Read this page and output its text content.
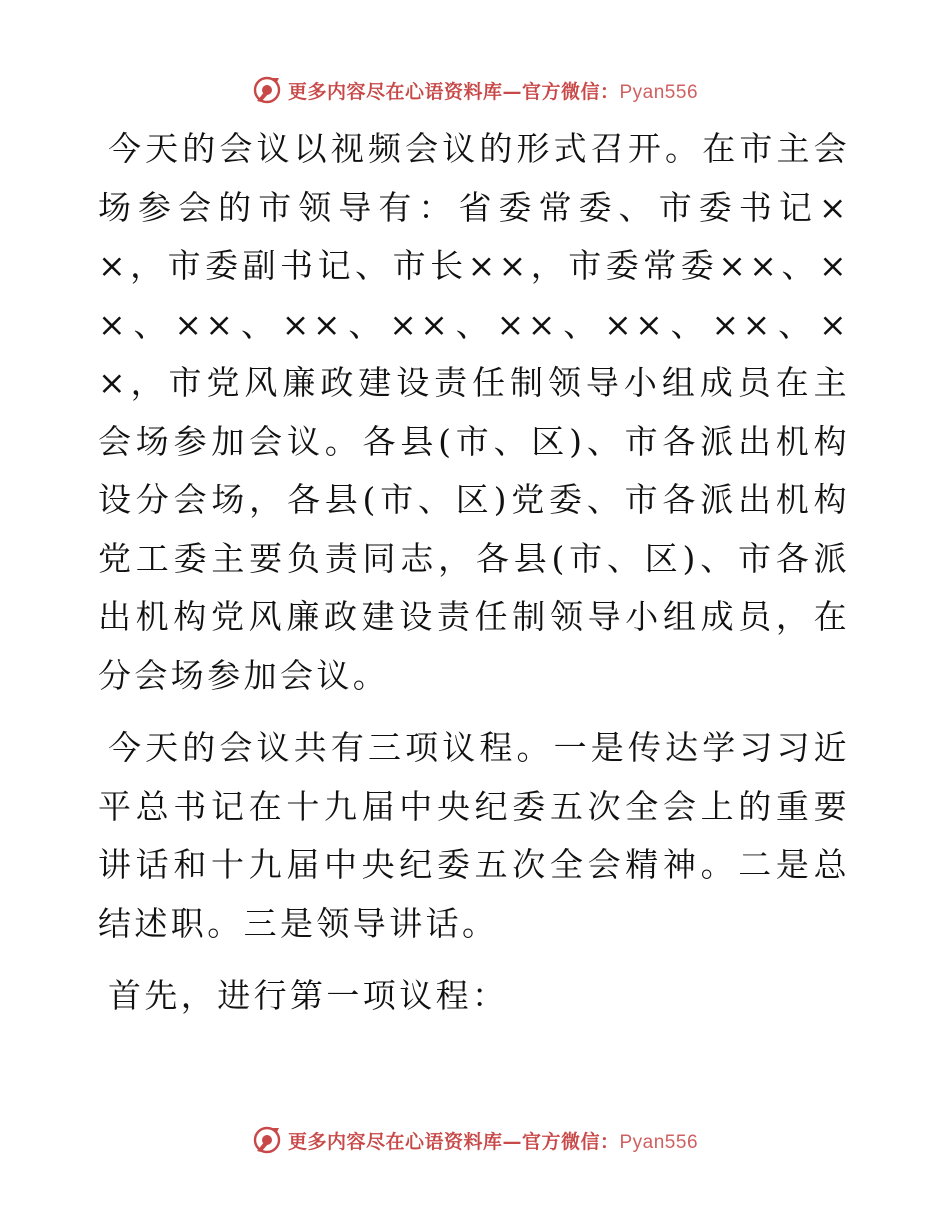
更多内容尽在心语资料库—官方微信：Pyan556

今天的会议以视频会议的形式召开。在市主会场参会的市领导有：省委常委、市委书记××，市委副书记、市长××，市委常委××、××、××、××、××、××、××、××、××，市党风廉政建设责任制领导小组成员在主会场参加会议。各县(市、区)、市各派出机构设分会场，各县(市、区)党委、市各派出机构党工委主要负责同志，各县(市、区)、市各派出机构党风廉政建设责任制领导小组成员，在分会场参加会议。

今天的会议共有三项议程。一是传达学习习近平总书记在十九届中央纪委五次全会上的重要讲话和十九届中央纪委五次全会精神。二是总结述职。三是领导讲话。

首先，进行第一项议程：

更多内容尽在心语资料库—官方微信：Pyan556
